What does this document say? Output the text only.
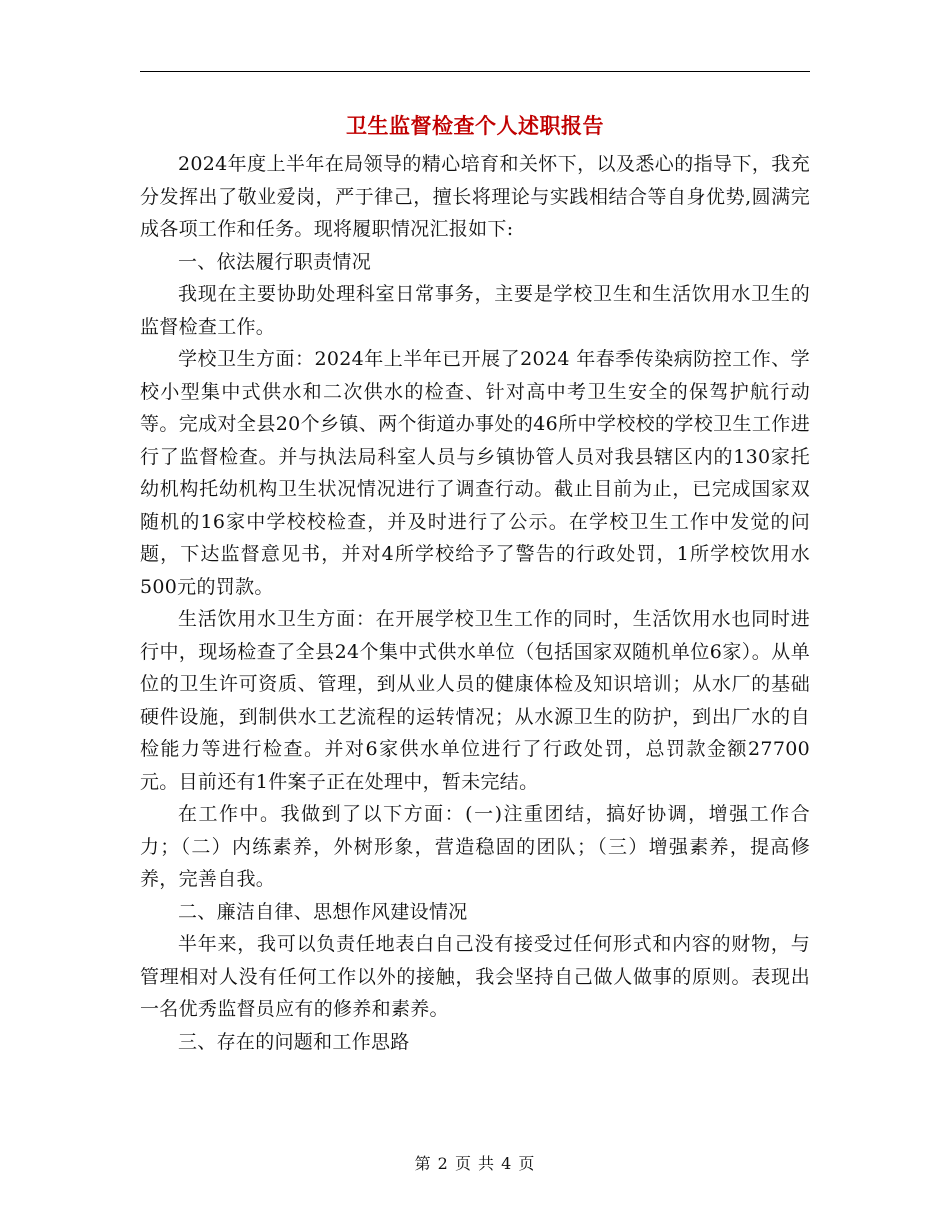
卫生监督检查个人述职报告

2024年度上半年在局领导的精心培育和关怀下，以及悉心的指导下，我充分发挥出了敬业爱岗，严于律己，擅长将理论与实践相结合等自身优势,圆满完成各项工作和任务。现将履职情况汇报如下:

一、依法履行职责情况

我现在主要协助处理科室日常事务，主要是学校卫生和生活饮用水卫生的监督检查工作。

学校卫生方面：2024年上半年已开展了2024 年春季传染病防控工作、学校小型集中式供水和二次供水的检查、针对高中考卫生安全的保驾护航行动等。完成对全县20个乡镇、两个街道办事处的46所中学校校的学校卫生工作进行了监督检查。并与执法局科室人员与乡镇协管人员对我县辖区内的130家托幼机构托幼机构卫生状况情况进行了调查行动。截止目前为止，已完成国家双随机的16家中学校校检查，并及时进行了公示。在学校卫生工作中发觉的问题，下达监督意见书，并对4所学校给予了警告的行政处罚，1所学校饮用水500元的罚款。

生活饮用水卫生方面：在开展学校卫生工作的同时，生活饮用水也同时进行中，现场检查了全县24个集中式供水单位（包括国家双随机单位6家）。从单位的卫生许可资质、管理，到从业人员的健康体检及知识培训；从水厂的基础硬件设施，到制供水工艺流程的运转情况；从水源卫生的防护，到出厂水的自检能力等进行检查。并对6家供水单位进行了行政处罚，总罚款金额27700元。目前还有1件案子正在处理中，暂未完结。

在工作中。我做到了以下方面：(一)注重团结，搞好协调，增强工作合力；（二）内练素养，外树形象，营造稳固的团队；（三）增强素养，提高修养，完善自我。

二、廉洁自律、思想作风建设情况

半年来，我可以负责任地表白自己没有接受过任何形式和内容的财物，与管理相对人没有任何工作以外的接触，我会坚持自己做人做事的原则。表现出一名优秀监督员应有的修养和素养。

三、存在的问题和工作思路

第 2 页 共 4 页
